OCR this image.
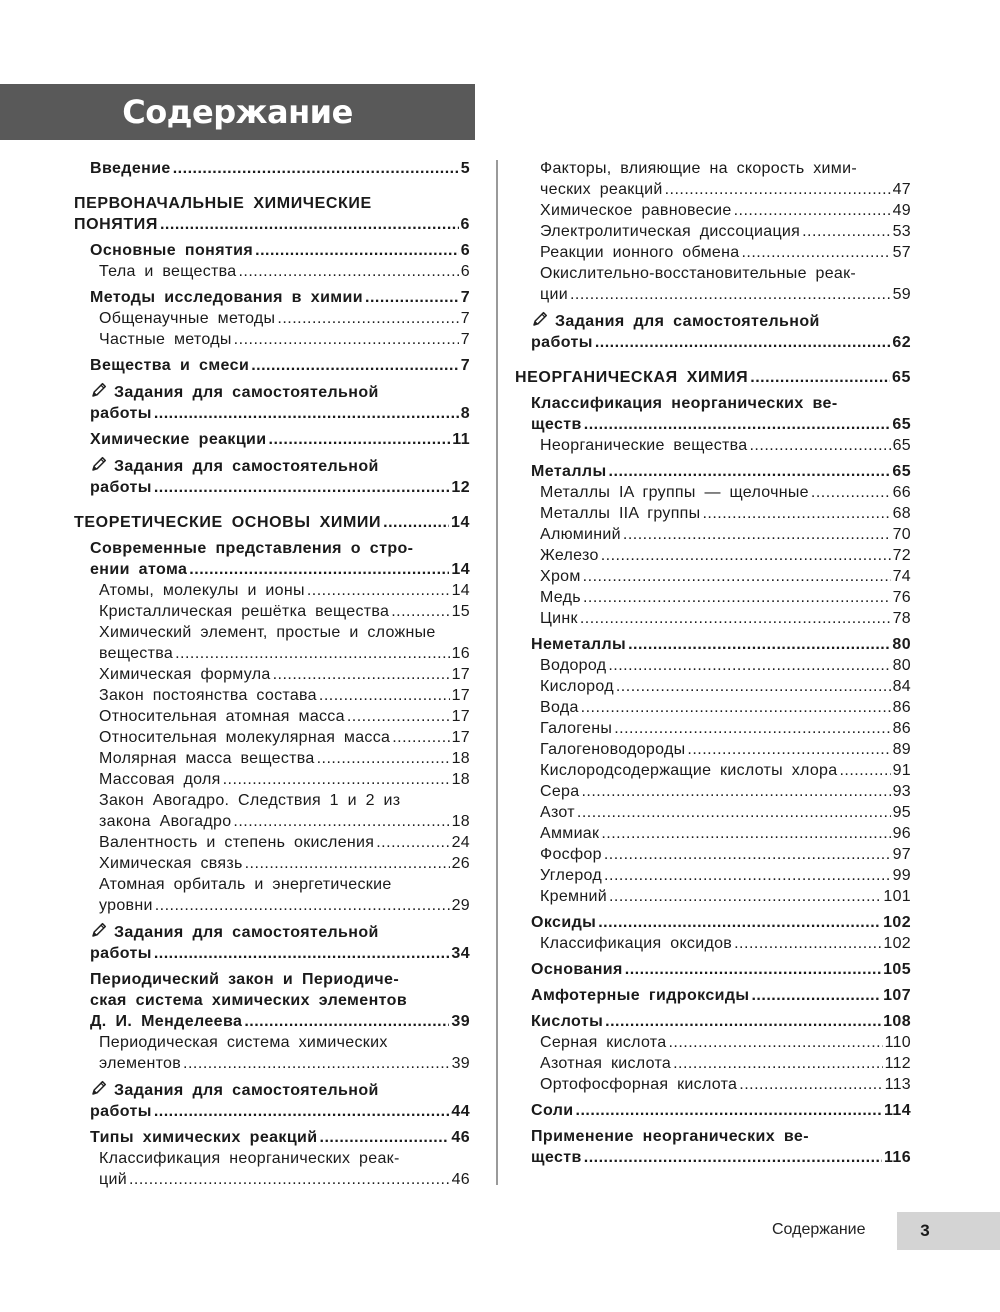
Содержание
Введение .....	5
ПЕРВОНАЧАЛЬНЫЕ ХИМИЧЕСКИЕ
ПОНЯТИЯ .....	6
Основные понятия .....	6
Тела и вещества .....	6
Методы исследования в химии .....	7
Общенаучные методы .....	7
Частные методы .....	7
Вещества и смеси .....	7
Задания для самостоятельной
работы .....	8
Химические реакции .....	11
Задания для самостоятельной
работы .....	12
ТЕОРЕТИЧЕСКИЕ ОСНОВЫ ХИМИИ .....	14
Современные представления о стро-
ении атома .....	14
Атомы, молекулы и ионы .....	14
Кристаллическая решётка вещества .....	15
Химический элемент, простые и сложные
вещества .....	16
Химическая формула .....	17
Закон постоянства состава .....	17
Относительная атомная масса .....	17
Относительная молекулярная масса .....	17
Молярная масса вещества .....	18
Массовая доля .....	18
Закон Авогадро. Следствия 1 и 2 из
закона Авогадро .....	18
Валентность и степень окисления .....	24
Химическая связь .....	26
Атомная орбиталь и энергетические
уровни .....	29
Задания для самостоятельной
работы .....	34
Периодический закон и Периодиче-
ская система химических элементов
Д. И. Менделеева .....	39
Периодическая система химических
элементов .....	39
Задания для самостоятельной
работы .....	44
Типы химических реакций .....	46
Классификация неорганических реак-
ций .....	46
Факторы, влияющие на скорость хими-
ческих реакций .....	47
Химическое равновесие .....	49
Электролитическая диссоциация .....	53
Реакции ионного обмена .....	57
Окислительно-восстановительные реак-
ции .....	59
Задания для самостоятельной
работы .....	62
НЕОРГАНИЧЕСКАЯ ХИМИЯ .....	65
Классификация неорганических ве-
ществ .....	65
Неорганические вещества .....	65
Металлы .....	65
Металлы IA группы — щелочные .....	66
Металлы IIA группы .....	68
Алюминий .....	70
Железо .....	72
Хром .....	74
Медь .....	76
Цинк .....	78
Неметаллы .....	80
Водород .....	80
Кислород .....	84
Вода .....	86
Галогены .....	86
Галогеноводороды .....	89
Кислородсодержащие кислоты хлора .....	91
Сера .....	93
Азот .....	95
Аммиак .....	96
Фосфор .....	97
Углерод .....	99
Кремний .....	101
Оксиды .....	102
Классификация оксидов .....	102
Основания .....	105
Амфотерные гидроксиды .....	107
Кислоты .....	108
Серная кислота .....	110
Азотная кислота .....	112
Ортофосфорная кислота .....	113
Соли .....	114
Применение неорганических ве-
ществ .....	116
Содержание	3
